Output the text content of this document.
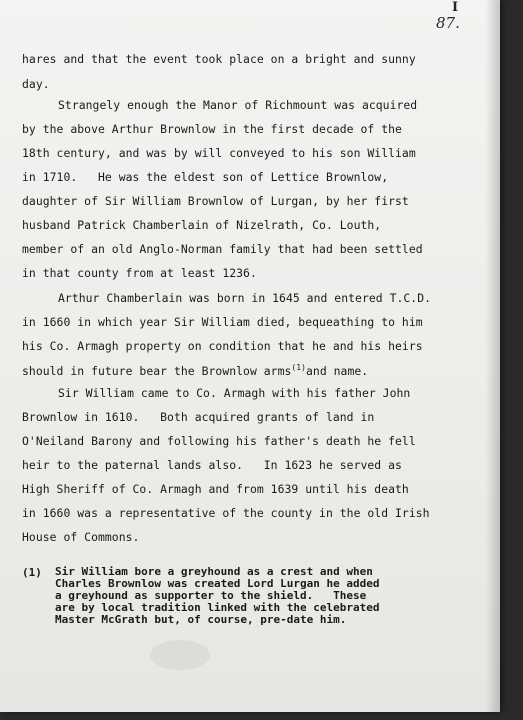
I
87.
hares and that the event took place on a bright and sunny
day.
Strangely enough the Manor of Richmount was acquired
by the above Arthur Brownlow in the first decade of the
18th century, and was by will conveyed to his son William
in 1710.   He was the eldest son of Lettice Brownlow,
daughter of Sir William Brownlow of Lurgan, by her first
husband Patrick Chamberlain of Nizelrath, Co. Louth,
member of an old Anglo-Norman family that had been settled
in that county from at least 1236.
Arthur Chamberlain was born in 1645 and entered T.C.D.
in 1660 in which year Sir William died, bequeathing to him
his Co. Armagh property on condition that he and his heirs
should in future bear the Brownlow arms$^{(1)}$and name.
Sir William came to Co. Armagh with his father John
Brownlow in 1610.   Both acquired grants of land in
O'Neiland Barony and following his father's death he fell
heir to the paternal lands also.   In 1623 he served as
High Sheriff of Co. Armagh and from 1639 until his death
in 1660 was a representative of the county in the old Irish
House of Commons.
(1) Sir William bore a greyhound as a crest and when
Charles Brownlow was created Lord Lurgan he added
a greyhound as supporter to the shield.   These
are by local tradition linked with the celebrated
Master McGrath but, of course, pre-date him.
